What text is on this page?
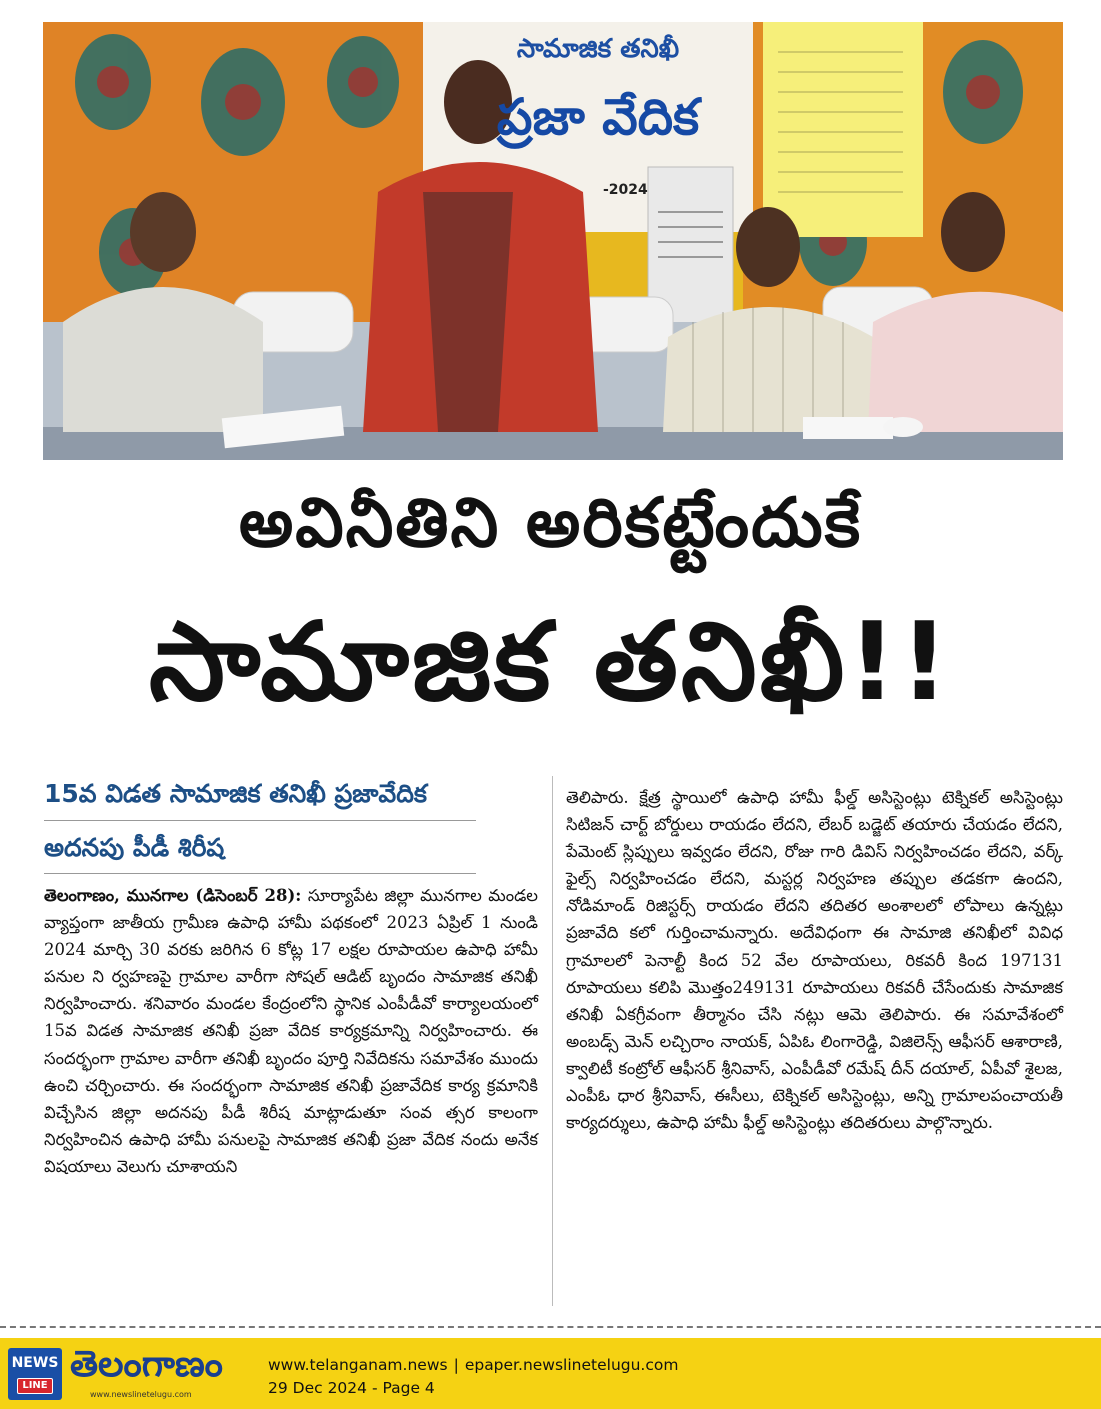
సామాజిక తనిఖీ
ప్రజా వేదిక
-2024
అవినీతిని అరికట్టేందుకే
సామాజిక తనిఖీ!!
15వ విడత సామాజిక తనిఖీ ప్రజావేదిక
అదనపు పీడీ శిరీష
తెలంగాణం, మునగాల (డిసెంబర్ 28): సూర్యాపేట జిల్లా మునగాల మండల వ్యాప్తంగా జాతీయ గ్రామీణ ఉపాధి హామీ పథకంలో 2023 ఏప్రిల్ 1 నుండి 2024 మార్చి 30 వరకు జరిగిన 6 కోట్ల 17 లక్షల రూపాయల ఉపాధి హామీ పనుల ని ర్వహణపై గ్రామాల వారీగా సోషల్ ఆడిట్ బృందం సామాజిక తనిఖీ నిర్వహించారు. శనివారం మండల కేంద్రంలోని స్థానిక ఎంపీడీవో కార్యాలయంలో 15వ విడత సామాజిక తనిఖీ ప్రజా వేదిక కార్యక్రమాన్ని నిర్వహించారు. ఈ సందర్భంగా గ్రామాల వారీగా తనిఖీ బృందం పూర్తి నివేదికను సమావేశం ముందు ఉంచి చర్చించారు. ఈ సందర్భంగా సామాజిక తనిఖీ ప్రజావేదిక కార్య క్రమానికి విచ్చేసిన జిల్లా అదనపు పీడీ శిరీష మాట్లాడుతూ సంవ త్సర కాలంగా నిర్వహించిన ఉపాధి హామీ పనులపై సామాజిక తనిఖీ ప్రజా వేదిక నందు అనేక విషయాలు వెలుగు చూశాయని
తెలిపారు. క్షేత్ర స్థాయిలో ఉపాధి హామీ ఫీల్డ్ అసిస్టెంట్లు టెక్నికల్ అసిస్టెంట్లు సిటిజన్ చార్ట్ బోర్డులు రాయడం లేదని, లేబర్ బడ్జెట్ తయారు చేయడం లేదని, పేమెంట్ స్లిప్పులు ఇవ్వడం లేదని, రోజు గారి డివిస్ నిర్వహించడం లేదని, వర్క్ ఫైల్స్ నిర్వహించడం లేదని, మస్టర్ల నిర్వహణ తప్పుల తడకగా ఉందని, నోడిమాండ్ రిజిస్టర్స్ రాయడం లేదని తదితర అంశాలలో లోపాలు ఉన్నట్లు ప్రజావేది కలో గుర్తించామన్నారు. అదేవిధంగా ఈ సామాజి తనిఖీలో వివిధ గ్రామాలలో పెనాల్టీ కింద 52 వేల రూపాయలు, రికవరీ కింద 197131 రూపాయలు కలిపి మొత్తం249131 రూపాయలు రికవరీ చేసేందుకు సామాజిక తనిఖీ ఏకగ్రీవంగా తీర్మానం చేసి నట్లు ఆమె తెలిపారు. ఈ సమావేశంలో అంబడ్స్ మెన్ లచ్చిరాం నాయక్, ఏపిఓ లింగారెడ్డి, విజిలెన్స్ ఆఫీసర్ ఆశారాణి, క్వాలిటీ కంట్రోల్ ఆఫీసర్ శ్రీనివాస్, ఎంపీడీవో రమేష్ దీన్ దయాల్, ఏపీవో శైలజ, ఎంపీఓ ధార శ్రీనివాస్, ఈసీలు, టెక్నికల్ అసిస్టెంట్లు, అన్ని గ్రామాలపంచాయతీ కార్యదర్శులు, ఉపాధి హామీ ఫీల్డ్ అసిస్టెంట్లు తదితరులు పాల్గొన్నారు.
NEWS
LINE
తెలంగాణం
www.newslinetelugu.com
www.telanganam.news | epaper.newslinetelugu.com
29 Dec 2024 - Page 4
